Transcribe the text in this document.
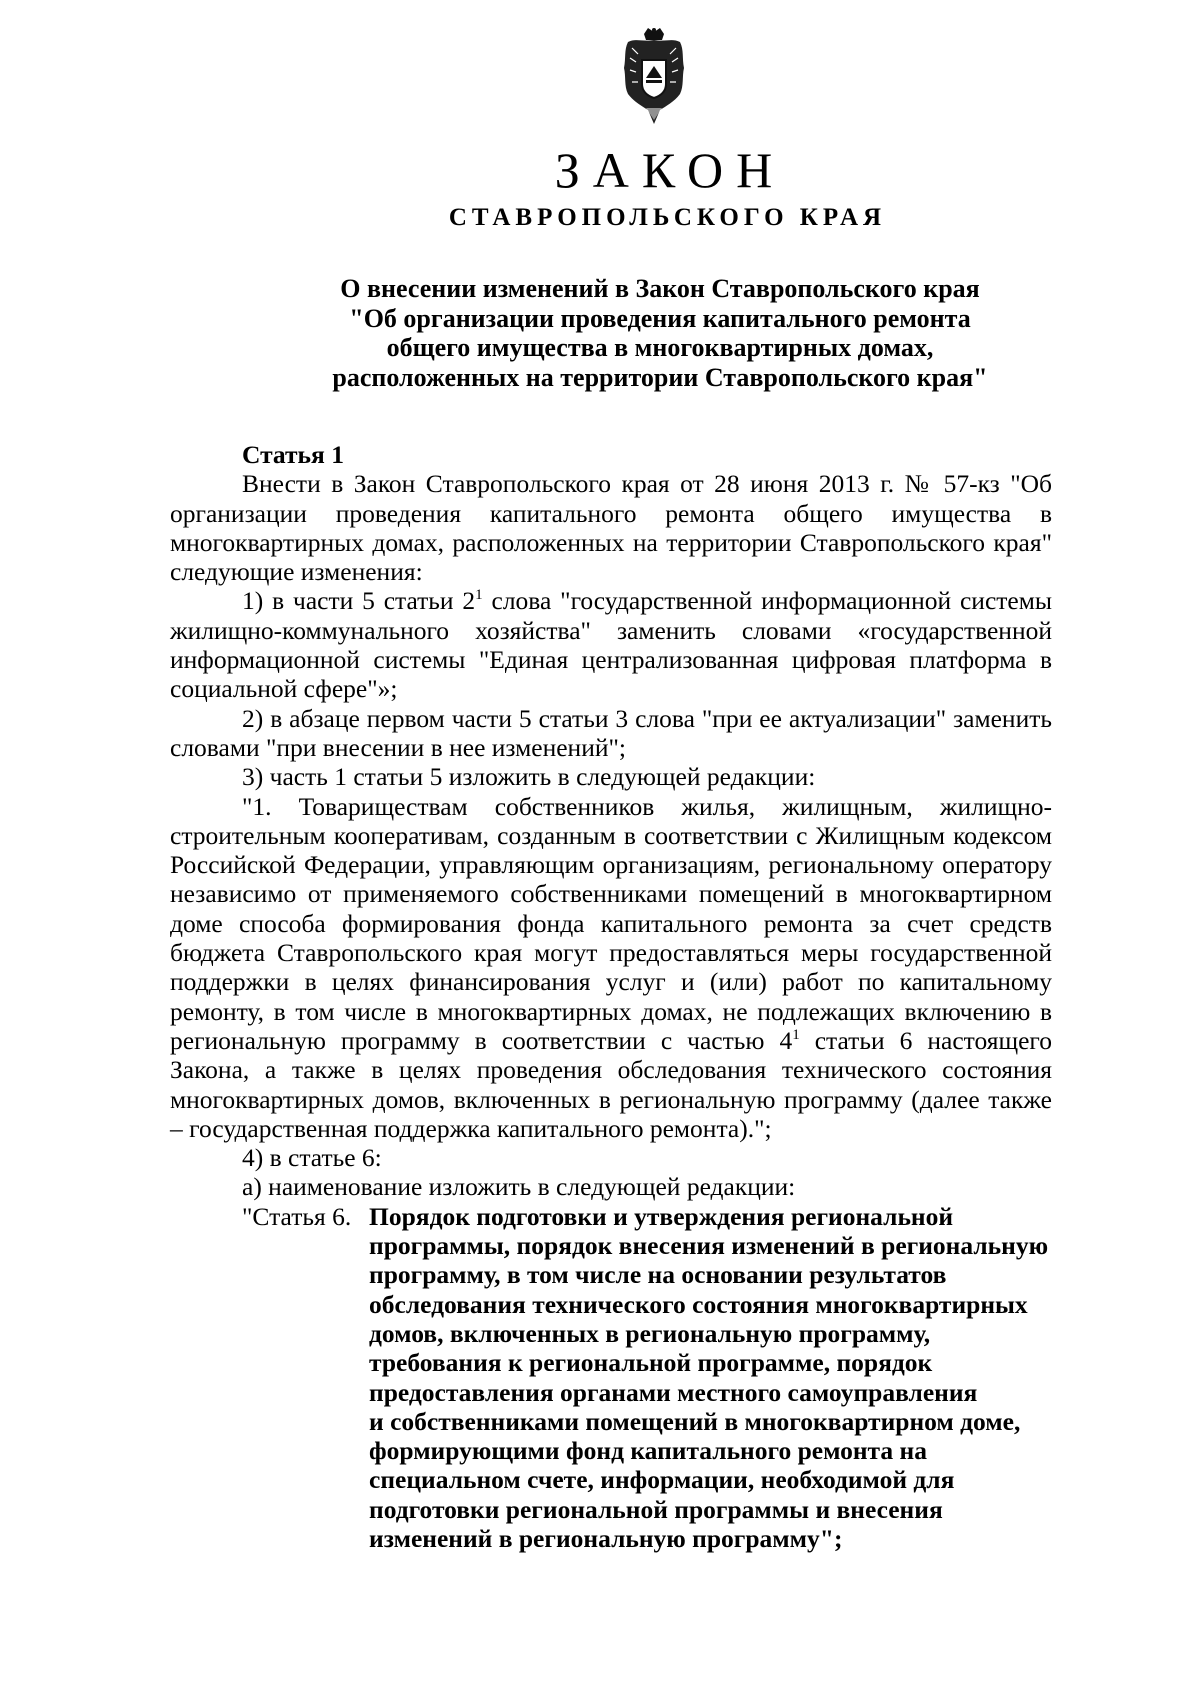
ЗАКОН
СТАВРОПОЛЬСКОГО КРАЯ
О внесении изменений в Закон Ставропольского края
"Об организации проведения капитального ремонта
общего имущества в многоквартирных домах,
расположенных на территории Ставропольского края"
Статья 1

Внести в Закон Ставропольского края от 28 июня 2013 г. № 57-кз "Об организации проведения капитального ремонта общего имущества в многоквартирных домах, расположенных на территории Ставропольского края" следующие изменения:

1) в части 5 статьи $2^1$ слова "государственной информационной системы жилищно-коммунального хозяйства" заменить словами «государственной информационной системы "Единая централизованная цифровая платформа в социальной сфере"»;

2) в абзаце первом части 5 статьи 3 слова "при ее актуализации" заменить словами "при внесении в нее изменений";

3) часть 1 статьи 5 изложить в следующей редакции:

"1. Товариществам собственников жилья, жилищным, жилищно-строительным кооперативам, созданным в соответствии с Жилищным кодексом Российской Федерации, управляющим организациям, региональному оператору независимо от применяемого собственниками помещений в многоквартирном доме способа формирования фонда капитального ремонта за счет средств бюджета Ставропольского края могут предоставляться меры государственной поддержки в целях финансирования услуг и (или) работ по капитальному ремонту, в том числе в многоквартирных домах, не подлежащих включению в региональную программу в соответствии с частью $4^1$ статьи 6 настоящего Закона, а также в целях проведения обследования технического состояния многоквартирных домов, включенных в региональную программу (далее также – государственная поддержка капитального ремонта).";

4) в статье 6:
а) наименование изложить в следующей редакции:
"Статья 6. Порядок подготовки и утверждения региональной
программы, порядок внесения изменений в региональную
программу, в том числе на основании результатов
обследования технического состояния многоквартирных
домов, включенных в региональную программу,
требования к региональной программе, порядок
предоставления органами местного самоуправления
и собственниками помещений в многоквартирном доме,
формирующими фонд капитального ремонта на
специальном счете, информации, необходимой для
подготовки региональной программы и внесения
изменений в региональную программу";
